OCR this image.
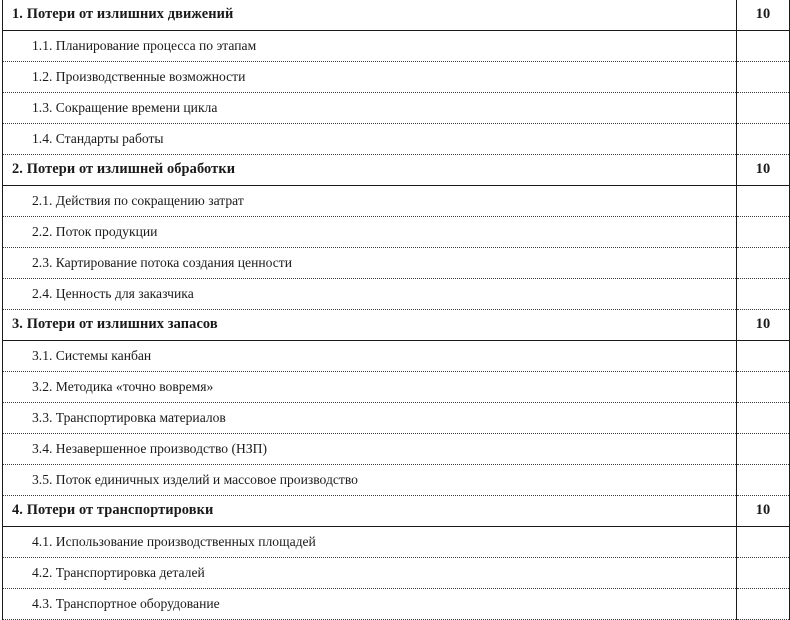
1. Потери от излишних движений	10

1.1. Планирование процесса по этапам	

1.2. Производственные возможности	

1.3. Сокращение времени цикла	

1.4. Стандарты работы	

2. Потери от излишней обработки	10

2.1. Действия по сокращению затрат	

2.2. Поток продукции	

2.3. Картирование потока создания ценности	

2.4. Ценность для заказчика	

3. Потери от излишних запасов	10

3.1. Системы канбан	

3.2. Методика «точно вовремя»	

3.3. Транспортировка материалов	

3.4. Незавершенное производство (НЗП)	

3.5. Поток единичных изделий и массовое производство	

4. Потери от транспортировки	10

4.1. Использование производственных площадей	

4.2. Транспортировка деталей	

4.3. Транспортное оборудование	
